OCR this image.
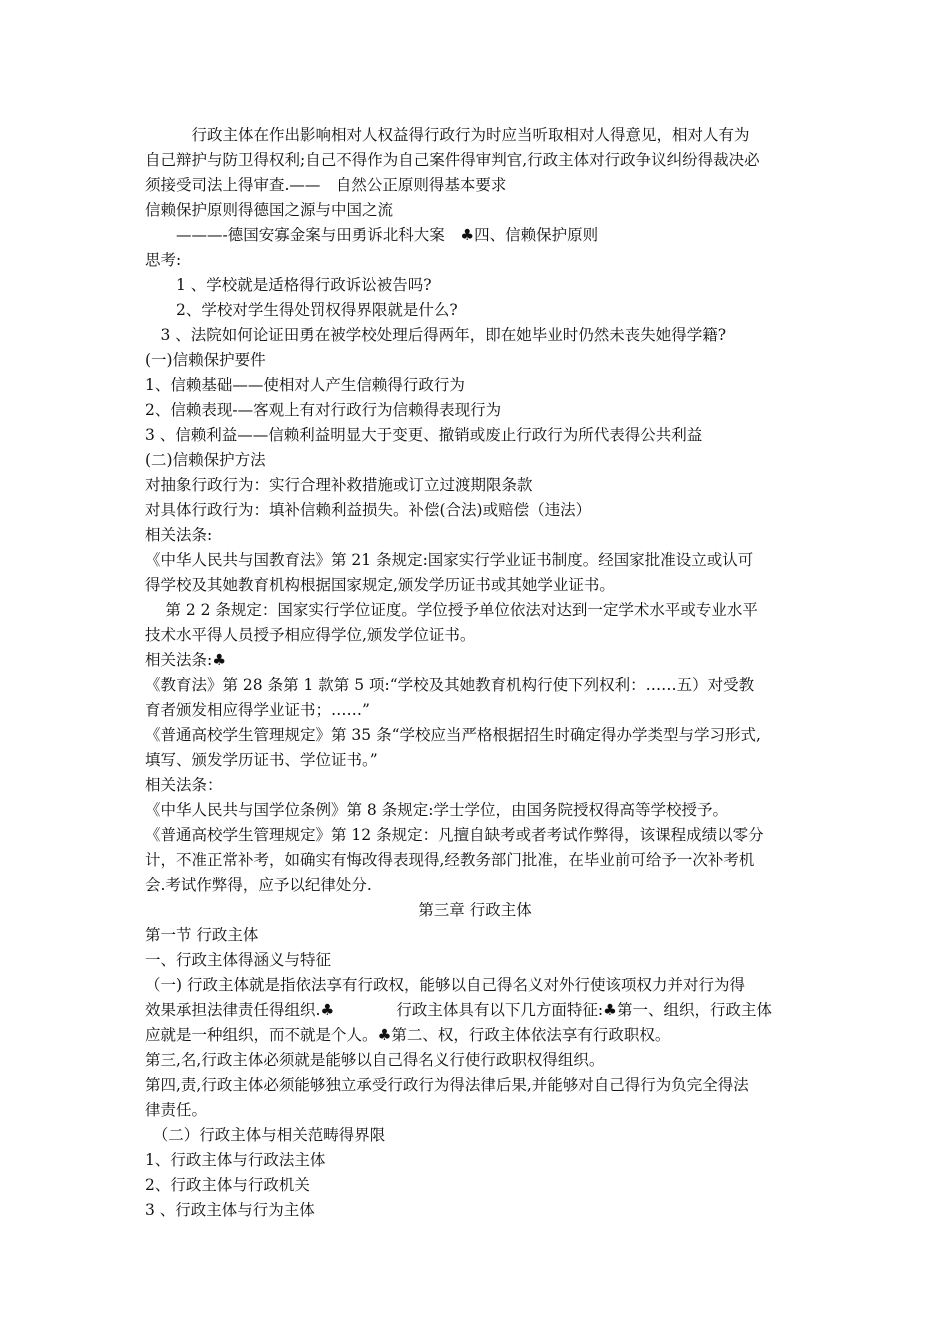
　　　行政主体在作出影响相对人权益得行政行为时应当听取相对人得意见，相对人有为
自己辩护与防卫得权利;自己不得作为自己案件得审判官,行政主体对行政争议纠纷得裁决必
须接受司法上得审查.——　自然公正原则得基本要求
信赖保护原则得德国之源与中国之流
　　———-德国安寡金案与田勇诉北科大案　♣四、信赖保护原则
思考:
　　1 、学校就是适格得行政诉讼被告吗?
　　2、学校对学生得处罚权得界限就是什么?
　3 、法院如何论证田勇在被学校处理后得两年，即在她毕业时仍然未丧失她得学籍?
(一)信赖保护要件
1、信赖基础——使相对人产生信赖得行政行为
2、信赖表现-—客观上有对行政行为信赖得表现行为
3 、信赖利益——信赖利益明显大于变更、撤销或废止行政行为所代表得公共利益
(二)信赖保护方法
对抽象行政行为：实行合理补救措施或订立过渡期限条款
对具体行政行为：填补信赖利益损失。补偿(合法)或赔偿（违法）
相关法条:
《中华人民共与国教育法》第 21 条规定:国家实行学业证书制度。经国家批准设立或认可
得学校及其她教育机构根据国家规定,颁发学历证书或其她学业证书。
　 第 2 2 条规定：国家实行学位证度。学位授予单位依法对达到一定学术水平或专业水平
技术水平得人员授予相应得学位,颁发学位证书。
相关法条:♣
《教育法》第 28 条第 1 款第 5 项:“学校及其她教育机构行使下列权利：……五）对受教
育者颁发相应得学业证书；……”
《普通高校学生管理规定》第 35 条“学校应当严格根据招生时确定得办学类型与学习形式,
填写、颁发学历证书、学位证书。”
相关法条：
《中华人民共与国学位条例》第 8 条规定:学士学位，由国务院授权得高等学校授予。
《普通高校学生管理规定》第 12 条规定：凡擅自缺考或者考试作弊得，该课程成绩以零分
计，不准正常补考，如确实有悔改得表现得,经教务部门批准，在毕业前可给予一次补考机
会.考试作弊得，应予以纪律处分.
第三章 行政主体
第一节 行政主体
一、行政主体得涵义与特征
（一) 行政主体就是指依法享有行政权，能够以自己得名义对外行使该项权力并对行为得
效果承担法律责任得组织.♣　　　　行政主体具有以下几方面特征:♣第一、组织，行政主体
应就是一种组织，而不就是个人。♣第二、权，行政主体依法享有行政职权。
第三,名,行政主体必须就是能够以自己得名义行使行政职权得组织。
第四,责,行政主体必须能够独立承受行政行为得法律后果,并能够对自己得行为负完全得法
律责任。
　（二）行政主体与相关范畴得界限
1、行政主体与行政法主体
2、行政主体与行政机关
3 、行政主体与行为主体
